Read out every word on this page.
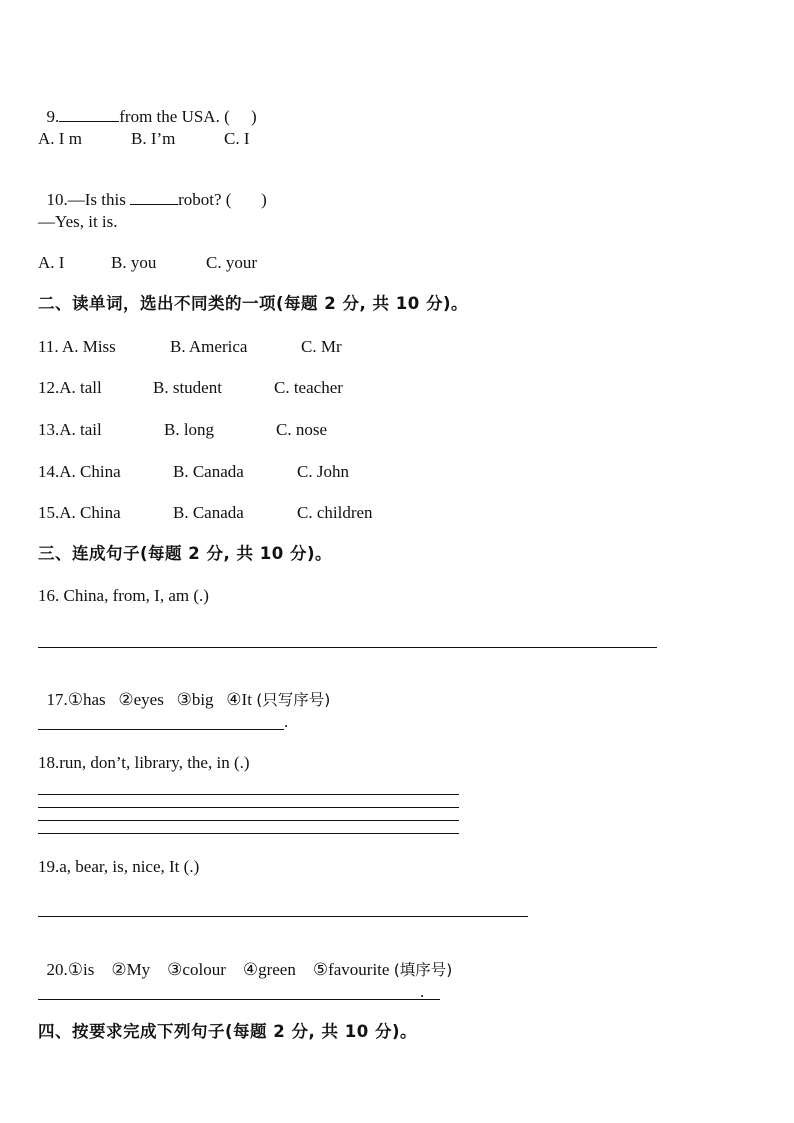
9.	from the USA. (     )

A. I m	B. I’m	C. I

10.—Is this	robot? (       )

—Yes, it is.
A. I	B. you	C. your
二、读单词，选出不同类的一项(每题 2 分, 共 10 分)。
11. A. Miss	B. America	C. Mr
12.A. tall	B. student	C. teacher
13.A. tail	B. long	C. nose
14.A. China	B. Canada	C. John
15.A. China	B. Canada	C. children
三、连成句子(每题 2 分, 共 10 分)。
16. China, from, I, am (.)

17.①has   ②eyes   ③big   ④It (只写序号)

.
18.run, don’t, library, the, in (.)
19.a, bear, is, nice, It (.)

20.①is    ②My    ③colour    ④green    ⑤favourite (填序号)

.
四、按要求完成下列句子(每题 2 分, 共 10 分)。
